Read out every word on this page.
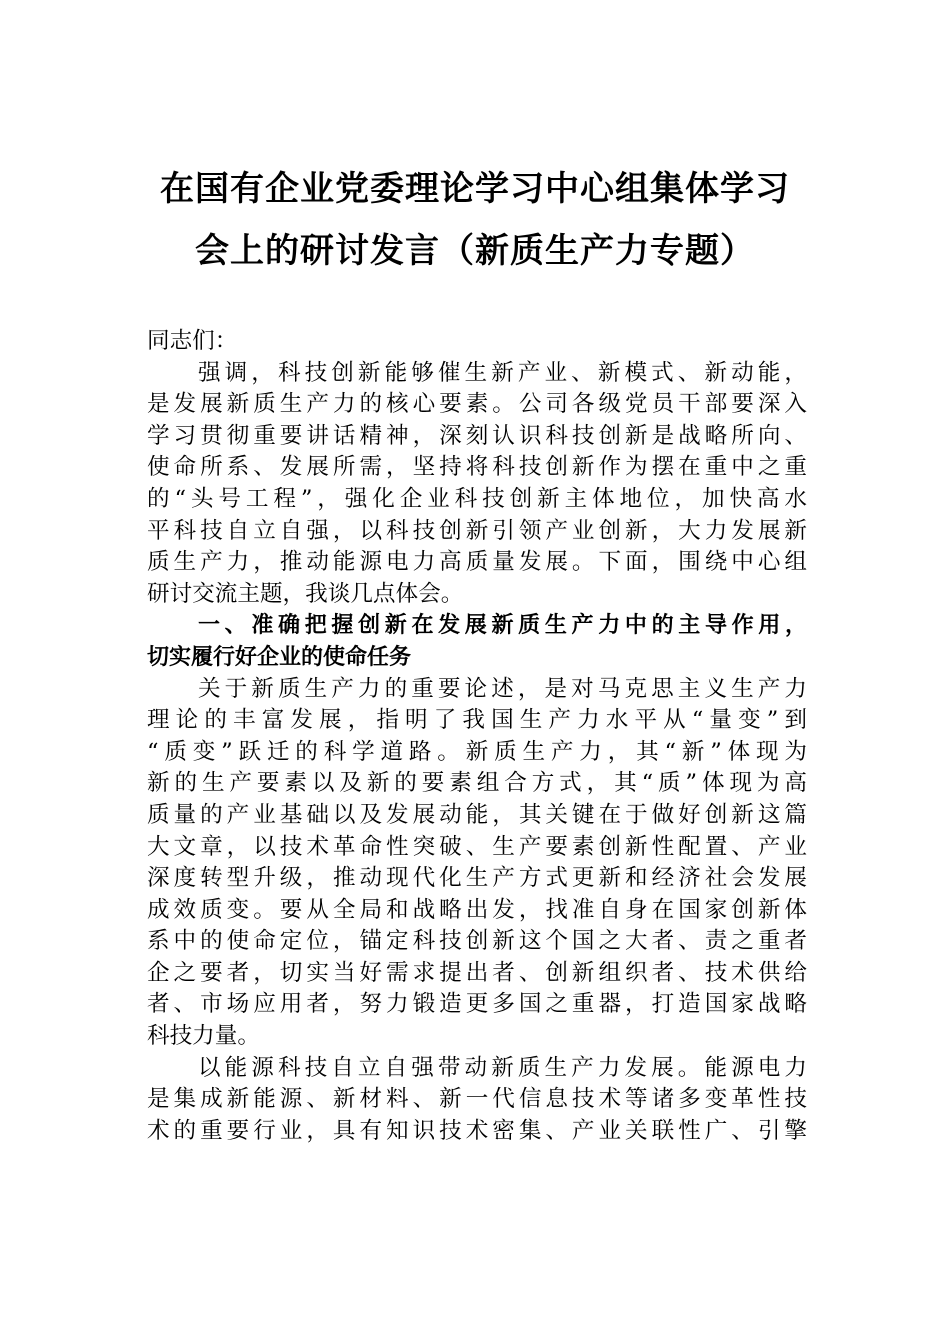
在国有企业党委理论学习中心组集体学习
会上的研讨发言（新质生产力专题）
同志们：
强调，科技创新能够催生新产业、新模式、新动能，
是发展新质生产力的核心要素。公司各级党员干部要深入
学习贯彻重要讲话精神，深刻认识科技创新是战略所向、
使命所系、发展所需，坚持将科技创新作为摆在重中之重
的“头号工程”，强化企业科技创新主体地位，加快高水
平科技自立自强，以科技创新引领产业创新，大力发展新
质生产力，推动能源电力高质量发展。下面，围绕中心组
研讨交流主题，我谈几点体会。
一、准确把握创新在发展新质生产力中的主导作用，
切实履行好企业的使命任务
关于新质生产力的重要论述，是对马克思主义生产力
理论的丰富发展，指明了我国生产力水平从“量变”到
“质变”跃迁的科学道路。新质生产力，其“新”体现为
新的生产要素以及新的要素组合方式，其“质”体现为高
质量的产业基础以及发展动能，其关键在于做好创新这篇
大文章，以技术革命性突破、生产要素创新性配置、产业
深度转型升级，推动现代化生产方式更新和经济社会发展
成效质变。要从全局和战略出发，找准自身在国家创新体
系中的使命定位，锚定科技创新这个国之大者、责之重者
企之要者，切实当好需求提出者、创新组织者、技术供给
者、市场应用者，努力锻造更多国之重器，打造国家战略
科技力量。
以能源科技自立自强带动新质生产力发展。能源电力
是集成新能源、新材料、新一代信息技术等诸多变革性技
术的重要行业，具有知识技术密集、产业关联性广、引擎
